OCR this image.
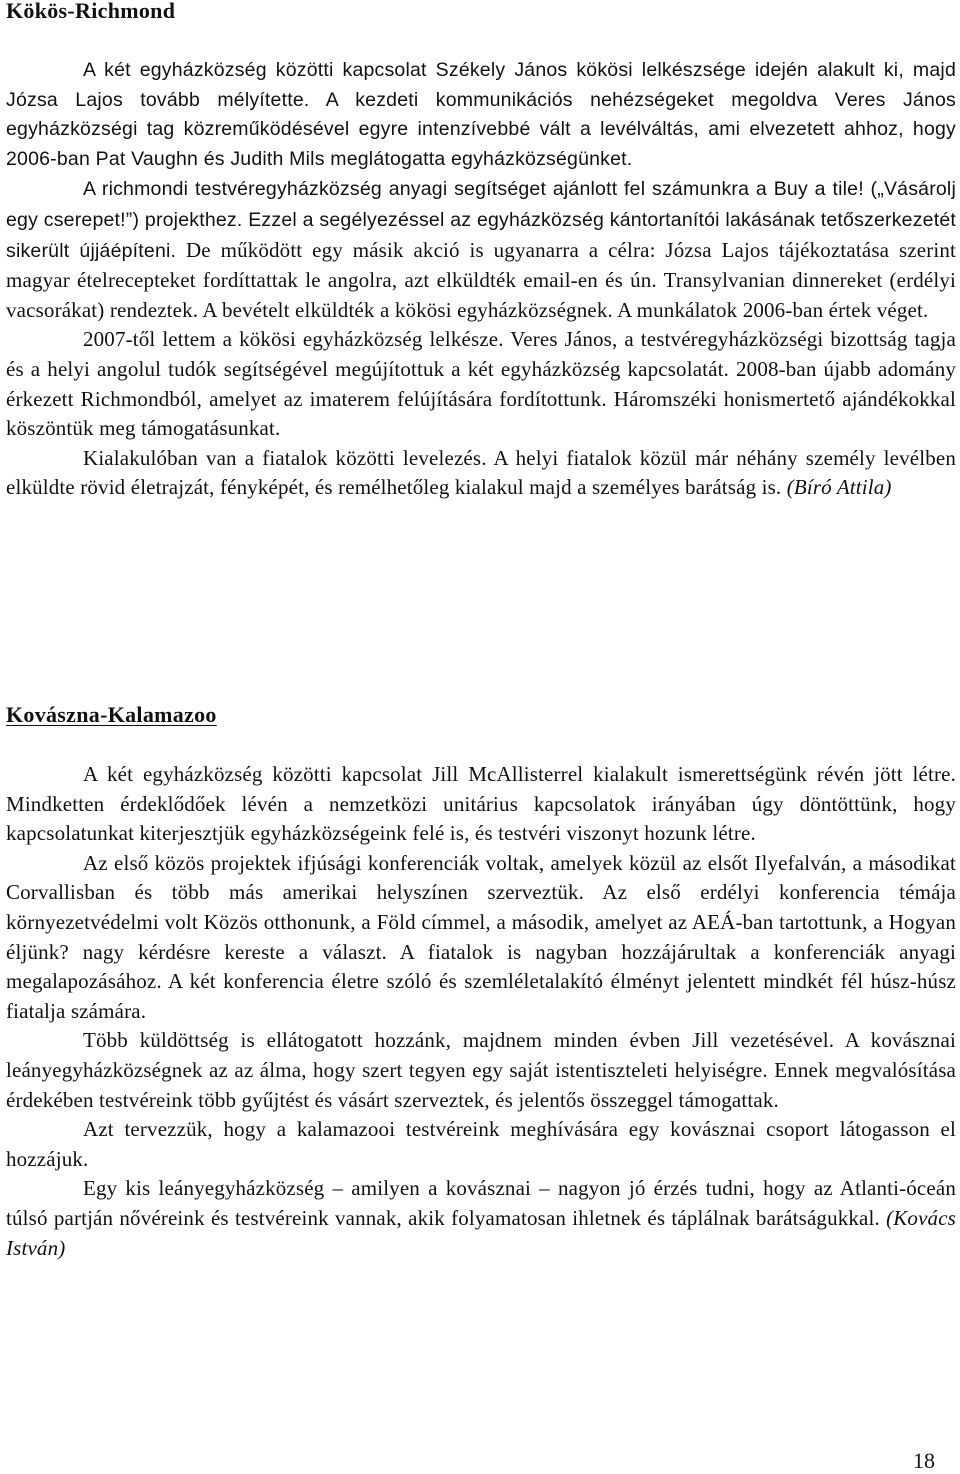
Kökös-Richmond

A két egyházközség közötti kapcsolat Székely János kökösi lelkészsége idején alakult ki, majd Józsa Lajos tovább mélyítette. A kezdeti kommunikációs nehézségeket megoldva Veres János egyházközségi tag közreműködésével egyre intenzívebbé vált a levélváltás, ami elvezetett ahhoz, hogy 2006-ban Pat Vaughn és Judith Mils meglátogatta egyházközségünket.

A richmondi testvéregyházközség anyagi segítséget ajánlott fel számunkra a Buy a tile! („Vásárolj egy cserepet!”) projekthez. Ezzel a segélyezéssel az egyházközség kántortanítói lakásának tetőszerkezetét sikerült újjáépíteni. De működött egy másik akció is ugyanarra a célra: Józsa Lajos tájékoztatása szerint magyar ételrecepteket fordíttattak le angolra, azt elküldték email-en és ún. Transylvanian dinnereket (erdélyi vacsorákat) rendeztek. A bevételt elküldték a kökösi egyházközségnek. A munkálatok 2006-ban értek véget.

2007-től lettem a kökösi egyházközség lelkésze. Veres János, a testvéregyházközségi bizottság tagja és a helyi angolul tudók segítségével megújítottuk a két egyházközség kapcsolatát. 2008-ban újabb adomány érkezett Richmondból, amelyet az imaterem felújítására fordítottunk. Háromszéki honismertető ajándékokkal köszöntük meg támogatásunkat.

Kialakulóban van a fiatalok közötti levelezés. A helyi fiatalok közül már néhány személy levélben elküldte rövid életrajzát, fényképét, és remélhetőleg kialakul majd a személyes barátság is. (Bíró Attila)

Kovászna-Kalamazoo

A két egyházközség közötti kapcsolat Jill McAllisterrel kialakult ismerettségünk révén jött létre. Mindketten érdeklődőek lévén a nemzetközi unitárius kapcsolatok irányában úgy döntöttünk, hogy kapcsolatunkat kiterjesztjük egyházközségeink felé is, és testvéri viszonyt hozunk létre.

Az első közös projektek ifjúsági konferenciák voltak, amelyek közül az elsőt Ilyefalván, a másodikat Corvallisban és több más amerikai helyszínen szerveztük. Az első erdélyi konferencia témája környezetvédelmi volt Közös otthonunk, a Föld címmel, a második, amelyet az AEÁ-ban tartottunk, a Hogyan éljünk? nagy kérdésre kereste a választ. A fiatalok is nagyban hozzájárultak a konferenciák anyagi megalapozásához. A két konferencia életre szóló és szemléletalakító élményt jelentett mindkét fél húsz-húsz fiatalja számára.

Több küldöttség is ellátogatott hozzánk, majdnem minden évben Jill vezetésével. A kovásznai leányegyházközségnek az az álma, hogy szert tegyen egy saját istentiszteleti helyiségre. Ennek megvalósítása érdekében testvéreink több gyűjtést és vásárt szerveztek, és jelentős összeggel támogattak.

Azt tervezzük, hogy a kalamazooi testvéreink meghívására egy kovásznai csoport látogasson el hozzájuk.

Egy kis leányegyházközség – amilyen a kovásznai – nagyon jó érzés tudni, hogy az Atlanti-óceán túlsó partján nővéreink és testvéreink vannak, akik folyamatosan ihletnek és táplálnak barátságukkal. (Kovács István)

18
